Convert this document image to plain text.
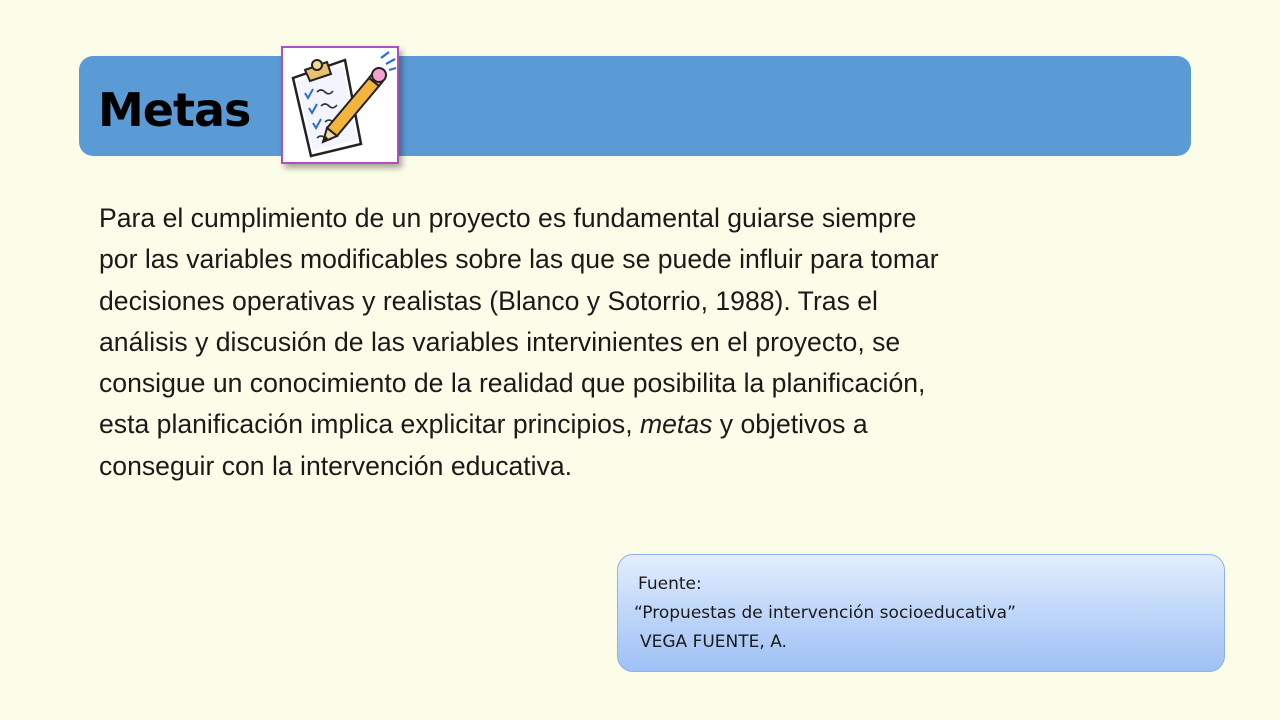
Metas
Para el cumplimiento de un proyecto es fundamental guiarse siempre
por las variables modificables sobre las que se puede influir para tomar
decisiones operativas y realistas (Blanco y Sotorrio, 1988). Tras el
análisis y discusión de las variables intervinientes en el proyecto, se
consigue un conocimiento de la realidad que posibilita la planificación,
esta planificación implica explicitar principios, metas y objetivos a
conseguir con la intervención educativa.
Fuente:
“Propuestas de intervención socioeducativa”
VEGA FUENTE, A.
